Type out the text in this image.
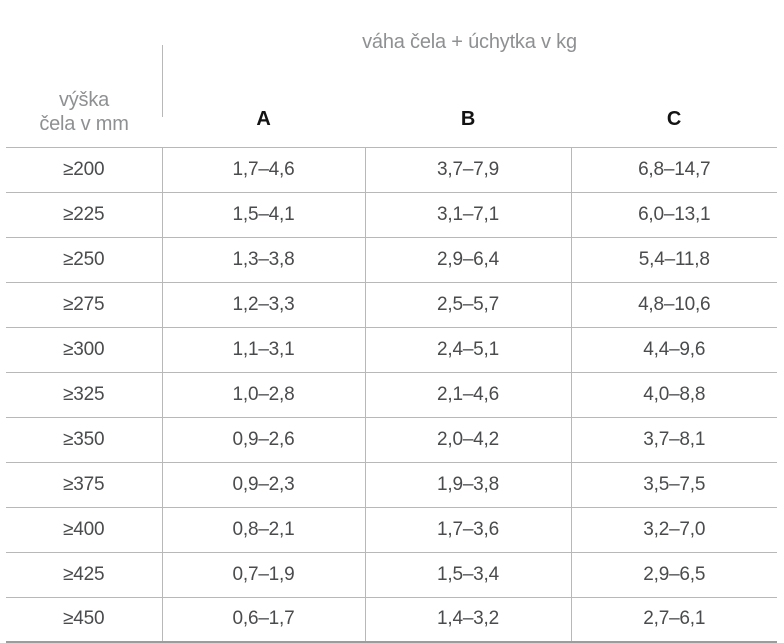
výška
čela v mm	váha čela + úchytka v kg		
	A	B	C
≥200	1,7–4,6	3,7–7,9	6,8–14,7
≥225	1,5–4,1	3,1–7,1	6,0–13,1
≥250	1,3–3,8	2,9–6,4	5,4–11,8
≥275	1,2–3,3	2,5–5,7	4,8–10,6
≥300	1,1–3,1	2,4–5,1	4,4–9,6
≥325	1,0–2,8	2,1–4,6	4,0–8,8
≥350	0,9–2,6	2,0–4,2	3,7–8,1
≥375	0,9–2,3	1,9–3,8	3,5–7,5
≥400	0,8–2,1	1,7–3,6	3,2–7,0
≥425	0,7–1,9	1,5–3,4	2,9–6,5
≥450	0,6–1,7	1,4–3,2	2,7–6,1
